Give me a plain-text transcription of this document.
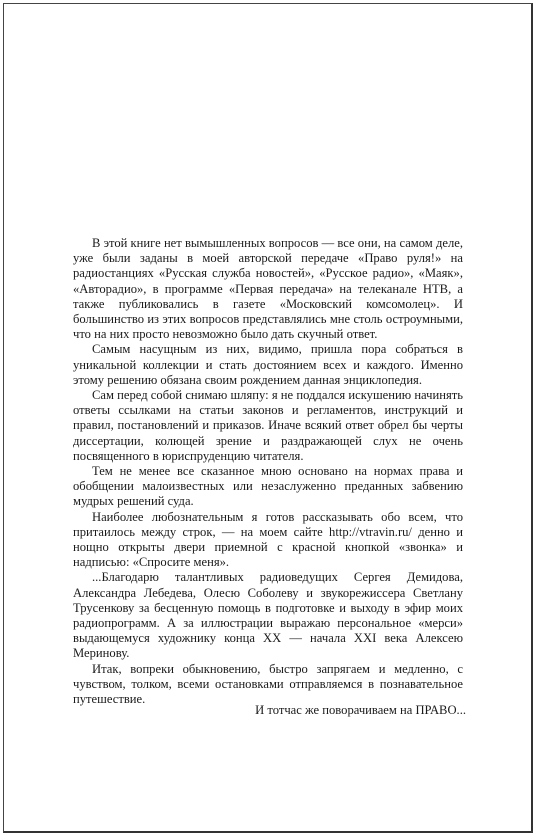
В этой книге нет вымышленных вопросов — все они, на самом деле, уже были заданы в моей авторской передаче «Право руля!» на радиостанциях «Русская служба новостей», «Русское радио», «Маяк», «Авторадио», в программе «Первая передача» на телеканале НТВ, а также публиковались в газете «Московский комсомолец». И большинство из этих вопросов представлялись мне столь остроумными, что на них просто невозможно было дать скучный ответ.

Самым насущным из них, видимо, пришла пора собраться в уникальной коллекции и стать достоянием всех и каждого. Именно этому решению обязана своим рождением данная энциклопедия.

Сам перед собой снимаю шляпу: я не поддался искушению начинять ответы ссылками на статьи законов и регламентов, инструкций и правил, постановлений и приказов. Иначе всякий ответ обрел бы черты диссертации, колющей зрение и раздражающей слух не очень посвященного в юриспруденцию читателя.

Тем не менее все сказанное мною основано на нормах права и обобщении малоизвестных или незаслуженно преданных забвению мудрых решений суда.

Наиболее любознательным я готов рассказывать обо всем, что притаилось между строк, — на моем сайте http://vtravin.ru/ денно и нощно открыты двери приемной с красной кнопкой «звонка» и надписью: «Спросите меня».

...Благодарю талантливых радиоведущих Сергея Демидова, Александра Лебедева, Олесю Соболеву и звукорежиссера Светлану Трусенкову за бесценную помощь в подготовке и выходу в эфир моих радиопрограмм. А за иллюстрации выражаю персональное «мерси» выдающемуся художнику конца XX — начала XXI века Алексею Меринову.

Итак, вопреки обыкновению, быстро запрягаем и медленно, с чувством, толком, всеми остановками отправляемся в познавательное путешествие.

И тотчас же поворачиваем на ПРАВО...
